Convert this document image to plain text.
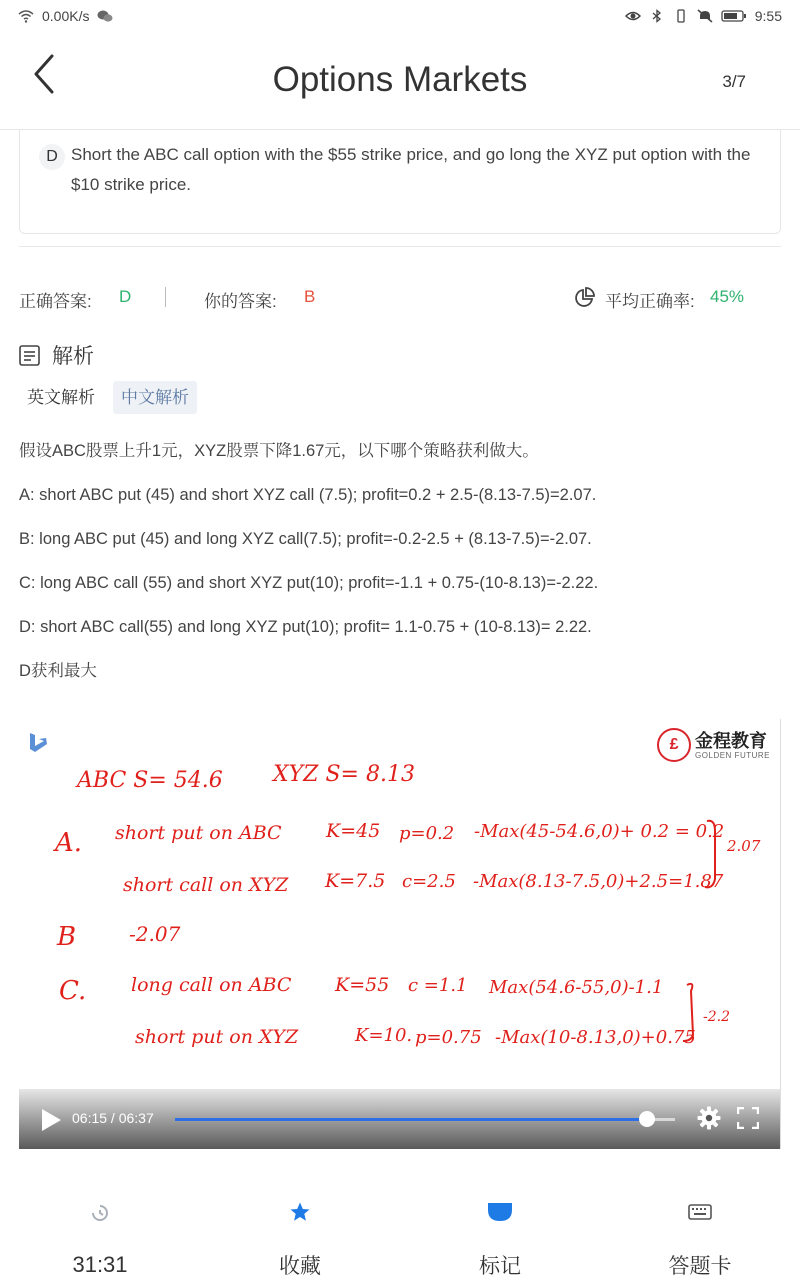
0.00K/s	9:55
Options Markets	3/7
D Short the ABC call option with the $55 strike price, and go long the XYZ put option with the $10 strike price.
正确答案: D	你的答案: B	平均正确率: 45%
解析
英文解析	中文解析

假设ABC股票上升1元，XYZ股票下降1.67元，以下哪个策略获利做大。

A: short ABC put (45) and short XYZ call (7.5); profit=0.2 + 2.5-(8.13-7.5)=2.07.

B: long ABC put (45) and long XYZ call(7.5); profit=-0.2-2.5 + (8.13-7.5)=-2.07.

C: long ABC call (55) and short XYZ put(10); profit=-1.1 + 0.75-(10-8.13)=-2.22.

D: short ABC call(55) and long XYZ put(10); profit= 1.1-0.75 + (10-8.13)= 2.22.

D获利最大

£ 金程教育
GOLDEN FUTURE
ABC S= 54.6 XYZ S= 8.13
A. short put on ABC K=45 p=0.2 -Max(45-54.6,0)+ 0.2 = 0.2
short call on XYZ K=7.5 c=2.5 -Max(8.13-7.5,0)+2.5=1.87
2.07
B	-2.07
C. long call on ABC K=55 c =1.1 Max(54.6-55,0)-1.1
short put on XYZ	K=10. p=0.75 -Max(10-8.13,0)+0.75
-2.2
06:15 / 06:37
31:31	收藏	标记	答题卡
